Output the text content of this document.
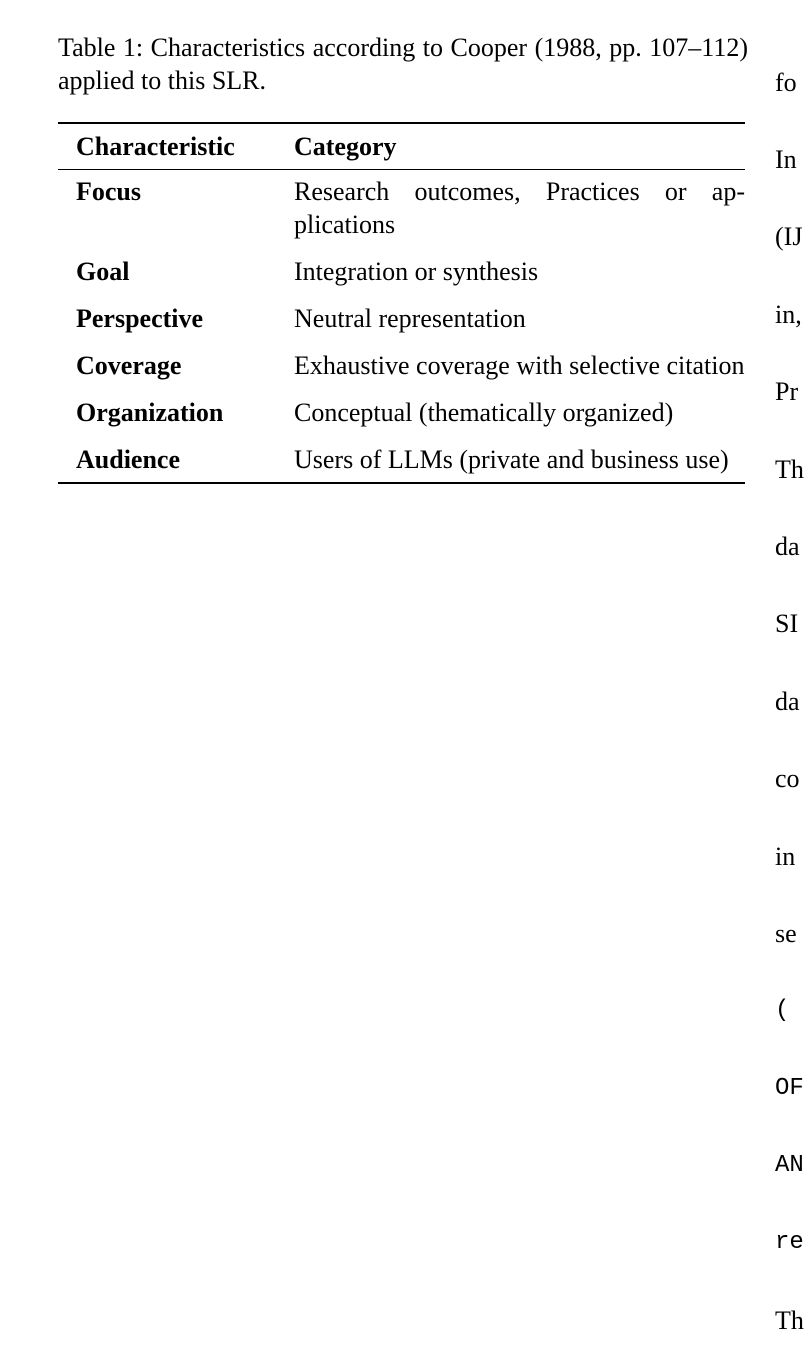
Table 1: Characteristics according to Cooper (1988, pp. 107–112) applied to this SLR.
Characteristic	Category
Focus	Research outcomes, Practices or ap-plications
Goal	Integration or synthesis
Perspective	Neutral representation
Coverage	Exhaustive coverage with selective citation
Organization	Conceptual (thematically organized)
Audience	Users of LLMs (private and business use)

fo

In

(IJ

in,

Pr

Th

da

SI

da

co

in

se

(

OF

AN

re

Th
